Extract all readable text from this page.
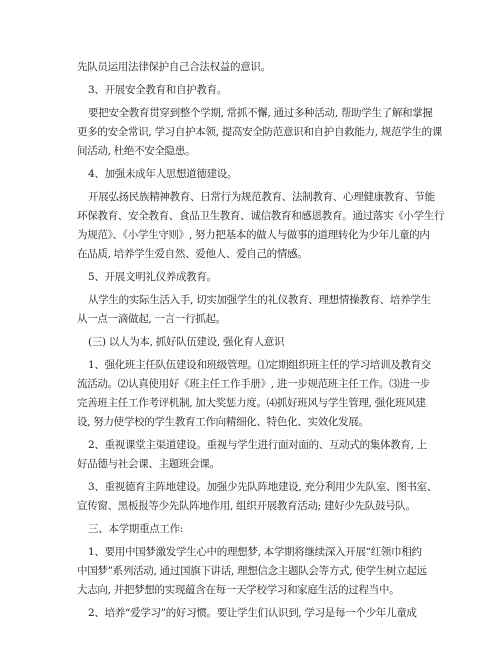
先队员运用法律保护自己合法权益的意识。
3、开展安全教育和自护教育。
要把安全教育贯穿到整个学期, 常抓不懈, 通过多种活动, 帮助学生了解和掌握
更多的安全常识, 学习自护本领, 提高安全防范意识和自护自救能力, 规范学生的课
间活动, 杜绝不安全隐患。
4、加强未成年人思想道德建设。
开展弘扬民族精神教育、日常行为规范教育、法制教育、心理健康教育、节能
环保教育、安全教育、食品卫生教育、诚信教育和感恩教育。通过落实《小学生行
为规范》、《小学生守则》, 努力把基本的做人与做事的道理转化为少年儿童的内
在品质, 培养学生爱自然、爱他人、爱自己的情感。
5、开展文明礼仪养成教育。
从学生的实际生活入手, 切实加强学生的礼仪教育、理想情操教育、培养学生
从一点一滴做起, 一言一行抓起。
(三) 以人为本, 抓好队伍建设, 强化育人意识
1、强化班主任队伍建设和班级管理。⑴定期组织班主任的学习培训及教育交
流活动。⑵认真使用好《班主任工作手册》, 进一步规范班主任工作。⑶进一步
完善班主任工作考评机制, 加大奖惩力度。⑷抓好班风与学生管理, 强化班风建
设, 努力使学校的学生教育工作向精细化、特色化、实效化发展。
2、重视课堂主渠道建设。重视与学生进行面对面的、互动式的集体教育, 上
好品德与社会课、主题班会课。
3、重视德育主阵地建设。加强少先队阵地建设, 充分利用少先队室、图书室、
宣传窗、黑板报等少先队阵地作用, 组织开展教育活动; 建好少先队鼓号队。
三、本学期重点工作:
1、要用中国梦激发学生心中的理想梦, 本学期将继续深入开展“红领巾相约
中国梦”系列活动, 通过国旗下讲话, 理想信念主题队会等方式, 使学生树立起远
大志向, 并把梦想的实现蕴含在每一天学校学习和家庭生活的过程当中。
2、培养“爱学习”的好习惯。要让学生们认识到, 学习是每一个少年儿童成
